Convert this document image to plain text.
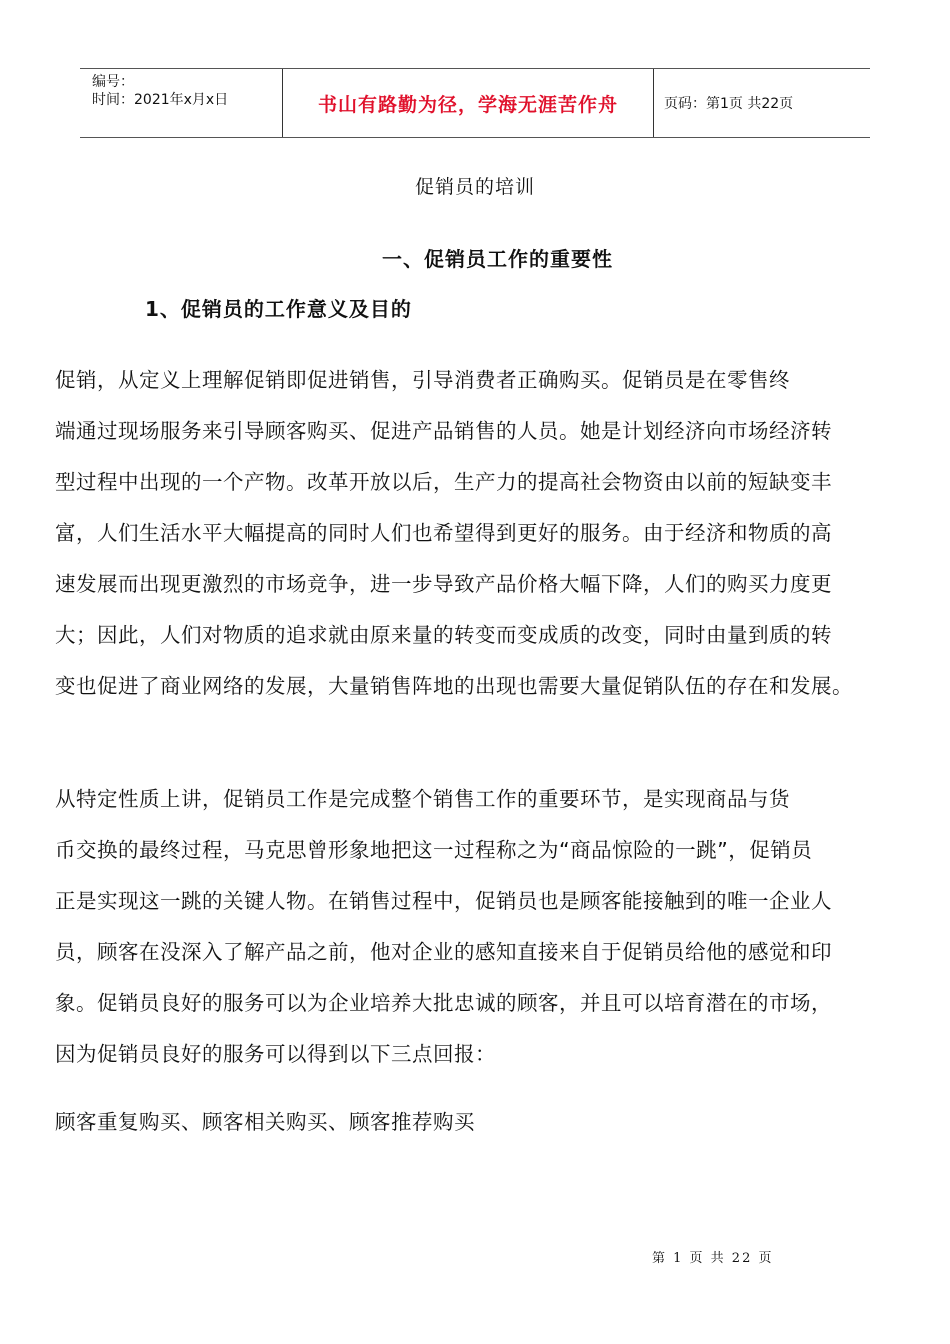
编号：
时间：2021年x月x日	书山有路勤为径，学海无涯苦作舟	页码：第1页 共22页
促销员的培训
一、促销员工作的重要性
1、促销员的工作意义及目的
促销，从定义上理解促销即促进销售，引导消费者正确购买。促销员是在零售终
端通过现场服务来引导顾客购买、促进产品销售的人员。她是计划经济向市场经济转
型过程中出现的一个产物。改革开放以后，生产力的提高社会物资由以前的短缺变丰
富，人们生活水平大幅提高的同时人们也希望得到更好的服务。由于经济和物质的高
速发展而出现更激烈的市场竞争，进一步导致产品价格大幅下降，人们的购买力度更
大；因此，人们对物质的追求就由原来量的转变而变成质的改变，同时由量到质的转
变也促进了商业网络的发展，大量销售阵地的出现也需要大量促销队伍的存在和发展。
从特定性质上讲，促销员工作是完成整个销售工作的重要环节，是实现商品与货
币交换的最终过程，马克思曾形象地把这一过程称之为“商品惊险的一跳”，促销员
正是实现这一跳的关键人物。在销售过程中，促销员也是顾客能接触到的唯一企业人
员，顾客在没深入了解产品之前，他对企业的感知直接来自于促销员给他的感觉和印
象。促销员良好的服务可以为企业培养大批忠诚的顾客，并且可以培育潜在的市场，
因为促销员良好的服务可以得到以下三点回报：
顾客重复购买、顾客相关购买、顾客推荐购买
第 1 页 共 22 页
